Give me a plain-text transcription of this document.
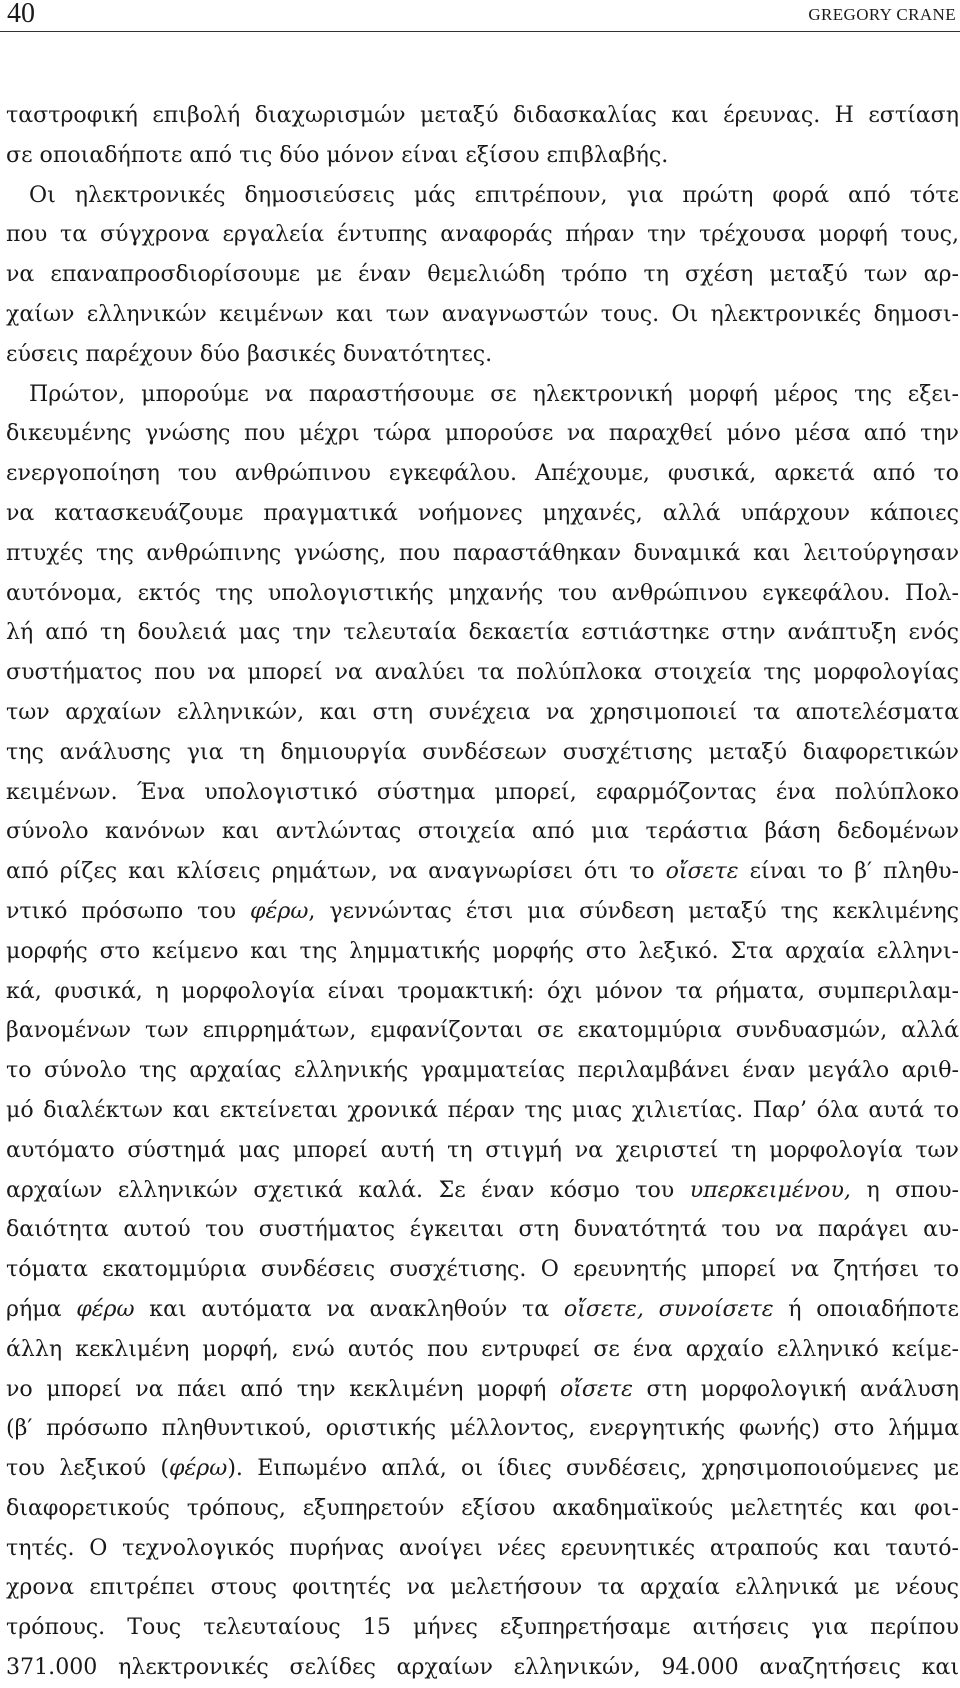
40	GREGORY CRANE
ταστροφική επιβολή διαχωρισμών μεταξύ διδασκαλίας και έρευνας. Η εστίαση
σε οποιαδήποτε από τις δύο μόνον είναι εξίσου επιβλαβής.
Οι ηλεκτρονικές δημοσιεύσεις μάς επιτρέπουν, για πρώτη φορά από τότε
που τα σύγχρονα εργαλεία έντυπης αναφοράς πήραν την τρέχουσα μορφή τους,
να επαναπροσδιορίσουμε με έναν θεμελιώδη τρόπο τη σχέση μεταξύ των αρ-
χαίων ελληνικών κειμένων και των αναγνωστών τους. Οι ηλεκτρονικές δημοσι-
εύσεις παρέχουν δύο βασικές δυνατότητες.
Πρώτον, μπορούμε να παραστήσουμε σε ηλεκτρονική μορφή μέρος της εξει-
δικευμένης γνώσης που μέχρι τώρα μπορούσε να παραχθεί μόνο μέσα από την
ενεργοποίηση του ανθρώπινου εγκεφάλου. Απέχουμε, φυσικά, αρκετά από το
να κατασκευάζουμε πραγματικά νοήμονες μηχανές, αλλά υπάρχουν κάποιες
πτυχές της ανθρώπινης γνώσης, που παραστάθηκαν δυναμικά και λειτούργησαν
αυτόνομα, εκτός της υπολογιστικής μηχανής του ανθρώπινου εγκεφάλου. Πολ-
λή από τη δουλειά μας την τελευταία δεκαετία εστιάστηκε στην ανάπτυξη ενός
συστήματος που να μπορεί να αναλύει τα πολύπλοκα στοιχεία της μορφολογίας
των αρχαίων ελληνικών, και στη συνέχεια να χρησιμοποιεί τα αποτελέσματα
της ανάλυσης για τη δημιουργία συνδέσεων συσχέτισης μεταξύ διαφορετικών
κειμένων. Ένα υπολογιστικό σύστημα μπορεί, εφαρμόζοντας ένα πολύπλοκο
σύνολο κανόνων και αντλώντας στοιχεία από μια τεράστια βάση δεδομένων
από ρίζες και κλίσεις ρημάτων, να αναγνωρίσει ότι το οἴσετε είναι το β′ πληθυ-
ντικό πρόσωπο του φέρω, γεννώντας έτσι μια σύνδεση μεταξύ της κεκλιμένης
μορφής στο κείμενο και της λημματικής μορφής στο λεξικό. Στα αρχαία ελληνι-
κά, φυσικά, η μορφολογία είναι τρομακτική: όχι μόνον τα ρήματα, συμπεριλαμ-
βανομένων των επιρρημάτων, εμφανίζονται σε εκατομμύρια συνδυασμών, αλλά
το σύνολο της αρχαίας ελληνικής γραμματείας περιλαμβάνει έναν μεγάλο αριθ-
μό διαλέκτων και εκτείνεται χρονικά πέραν της μιας χιλιετίας. Παρ’ όλα αυτά το
αυτόματο σύστημά μας μπορεί αυτή τη στιγμή να χειριστεί τη μορφολογία των
αρχαίων ελληνικών σχετικά καλά. Σε έναν κόσμο του υπερκειμένου, η σπου-
δαιότητα αυτού του συστήματος έγκειται στη δυνατότητά του να παράγει αυ-
τόματα εκατομμύρια συνδέσεις συσχέτισης. Ο ερευνητής μπορεί να ζητήσει το
ρήμα φέρω και αυτόματα να ανακληθούν τα οἴσετε, συνοίσετε ή οποιαδήποτε
άλλη κεκλιμένη μορφή, ενώ αυτός που εντρυφεί σε ένα αρχαίο ελληνικό κείμε-
νο μπορεί να πάει από την κεκλιμένη μορφή οἴσετε στη μορφολογική ανάλυση
(β′ πρόσωπο πληθυντικού, οριστικής μέλλοντος, ενεργητικής φωνής) στο λήμμα
του λεξικού (φέρω). Ειπωμένο απλά, οι ίδιες συνδέσεις, χρησιμοποιούμενες με
διαφορετικούς τρόπους, εξυπηρετούν εξίσου ακαδημαϊκούς μελετητές και φοι-
τητές. Ο τεχνολογικός πυρήνας ανοίγει νέες ερευνητικές ατραπούς και ταυτό-
χρονα επιτρέπει στους φοιτητές να μελετήσουν τα αρχαία ελληνικά με νέους
τρόπους. Τους τελευταίους 15 μήνες εξυπηρετήσαμε αιτήσεις για περίπου
371.000 ηλεκτρονικές σελίδες αρχαίων ελληνικών, 94.000 αναζητήσεις και
